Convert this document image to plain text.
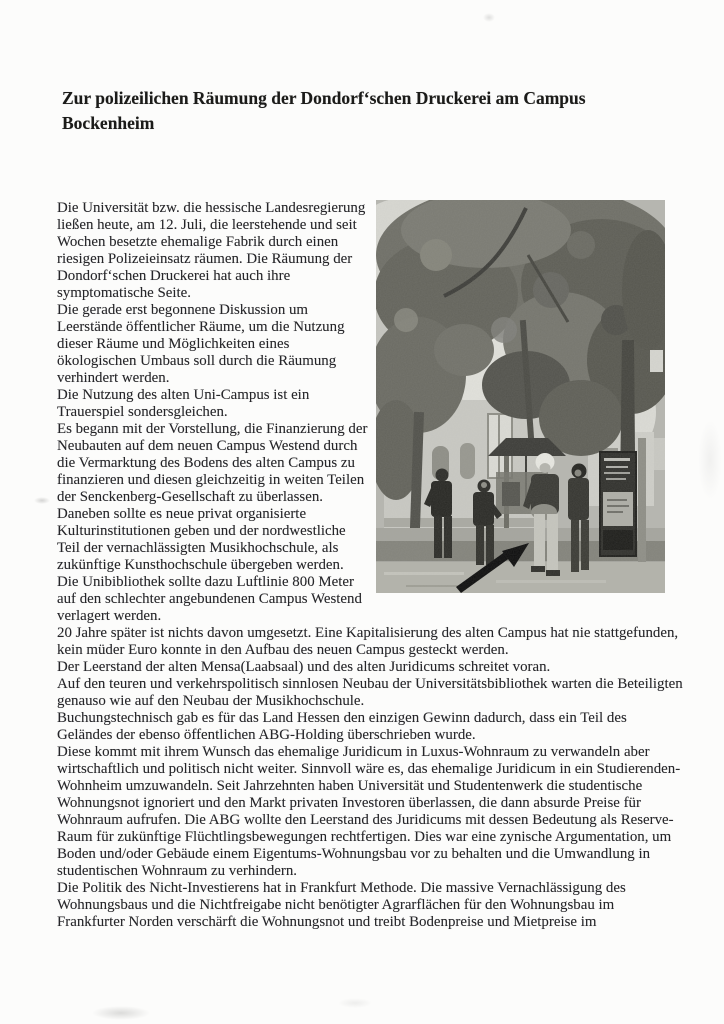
Zur polizeilichen Räumung der Dondorf‘schen Druckerei am Campus Bockenheim

Die Universität bzw. die hessische Landesregierung ließen heute, am 12. Juli, die leerstehende und seit Wochen besetzte ehemalige Fabrik durch einen riesigen Polizeieinsatz räumen. Die Räumung der Dondorf‘schen Druckerei hat auch ihre symptomatische Seite.

Die gerade erst begonnene Diskussion um Leerstände öffentlicher Räume, um die Nutzung dieser Räume und Möglichkeiten eines ökologischen Umbaus soll durch die Räumung verhindert werden.

Die Nutzung des alten Uni-Campus ist ein Trauerspiel sondersgleichen.

Es begann mit der Vorstellung, die Finanzierung der Neubauten auf dem neuen Campus Westend durch die Vermarktung des Bodens des alten Campus zu finanzieren und diesen gleichzeitig in weiten Teilen der Senckenberg-Gesellschaft zu überlassen.

Daneben sollte es neue privat organisierte Kulturinstitutionen geben und der nordwestliche Teil der vernachlässigten Musikhochschule, als zukünftige Kunsthochschule übergeben werden.

Die Unibibliothek sollte dazu Luftlinie 800 Meter auf den schlechter angebundenen Campus Westend verlagert werden.

20 Jahre später ist nichts davon umgesetzt. Eine Kapitalisierung des alten Campus hat nie stattgefunden, kein müder Euro konnte in den Aufbau des neuen Campus gesteckt werden.

Der Leerstand der alten Mensa(Laabsaal) und des alten Juridicums schreitet voran.

Auf den teuren und verkehrspolitisch sinnlosen Neubau der Universitätsbibliothek warten die Beteiligten genauso wie auf den Neubau der Musikhochschule.

Buchungstechnisch gab es für das Land Hessen den einzigen Gewinn dadurch, dass ein Teil des Geländes der ebenso öffentlichen ABG-Holding überschrieben wurde.

Diese kommt mit ihrem Wunsch das ehemalige Juridicum in Luxus-Wohnraum zu verwandeln aber wirtschaftlich und politisch nicht weiter. Sinnvoll wäre es, das ehemalige Juridicum in ein Studierenden-Wohnheim umzuwandeln. Seit Jahrzehnten haben Universität und Studentenwerk die studentische Wohnungsnot ignoriert und den Markt privaten Investoren überlassen, die dann absurde Preise für Wohnraum aufrufen. Die ABG wollte den Leerstand des Juridicums mit dessen Bedeutung als Reserve-Raum für zukünftige Flüchtlingsbewegungen rechtfertigen. Dies war eine zynische Argumentation, um Boden und/oder Gebäude einem Eigentums-Wohnungsbau vor zu behalten und die Umwandlung in studentischen Wohnraum zu verhindern.

Die Politik des Nicht-Investierens hat in Frankfurt Methode. Die massive Vernachlässigung des Wohnungsbaus und die Nichtfreigabe nicht benötigter Agrarflächen für den Wohnungsbau im Frankfurter Norden verschärft die Wohnungsnot und treibt Bodenpreise und Mietpreise im
